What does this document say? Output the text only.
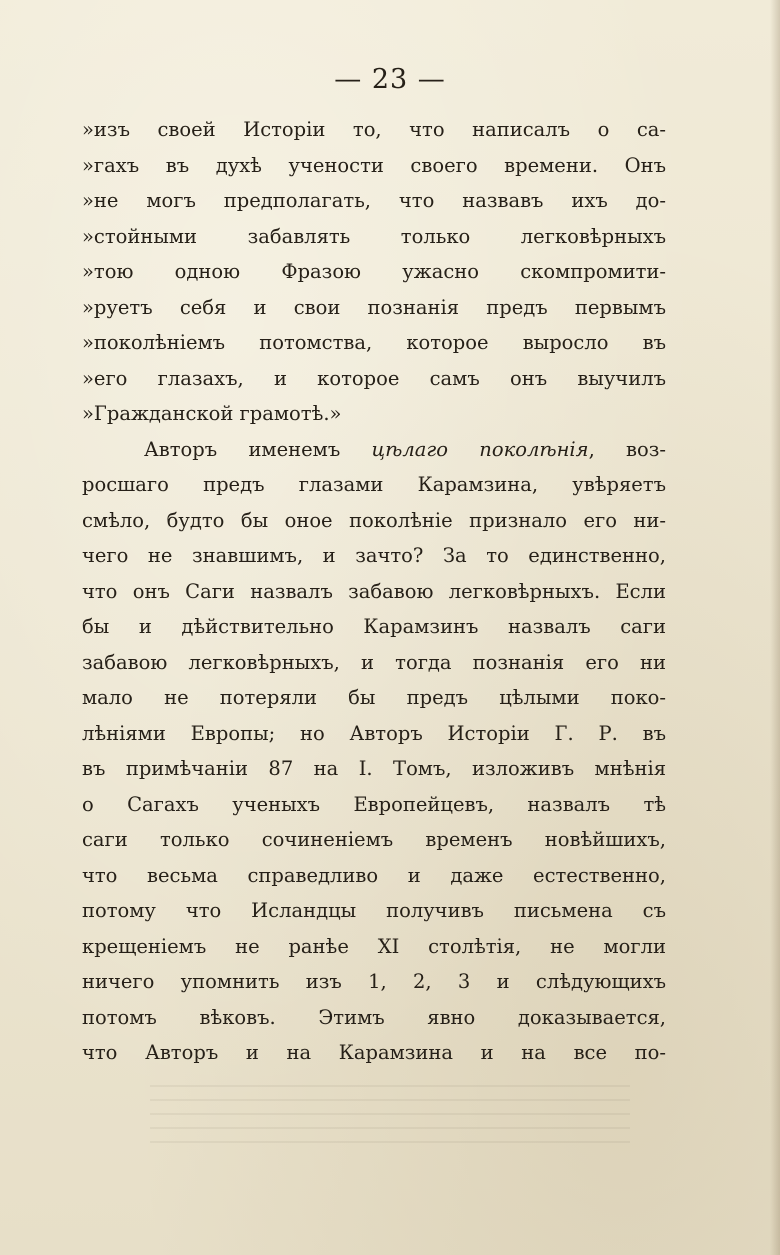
— 23 —
»изъ своей Исторіи то, что написалъ о са-
»гахъ въ духѣ учености своего времени. Онъ
»не могъ предполагать, что назвавъ ихъ до-
»стойными забавлять только легковѣрныхъ
»тою одною Фразою ужасно скомпромити-
»руетъ себя и свои познанія предъ первымъ
»поколѣніемъ потомства, которое выросло въ
»его глазахъ, и которое самъ онъ выучилъ
»Гражданской грамотѣ.»
Авторъ именемъ цѣлаго поколѣнія, воз-
росшаго предъ глазами Карамзина, увѣряетъ
смѣло, будто бы оное поколѣніе признало его ни-
чего не знавшимъ, и зачто? За то единственно,
что онъ Саги назвалъ забавою легковѣрныхъ. Если
бы и дѣйствительно Карамзинъ назвалъ саги
забавою легковѣрныхъ, и тогда познанія его ни
мало не потеряли бы предъ цѣлыми поко-
лѣніями Европы; но Авторъ Исторіи Г. Р. въ
въ примѣчаніи 87 на I. Томъ, изложивъ мнѣнія
о Сагахъ ученыхъ Европейцевъ, назвалъ тѣ
саги только сочиненіемъ временъ новѣйшихъ,
что весьма справедливо и даже естественно,
потому что Исландцы получивъ письмена съ
крещеніемъ не ранѣе XI столѣтія, не могли
ничего упомнить изъ 1, 2, 3 и слѣдующихъ
потомъ вѣковъ. Этимъ явно доказывается,
что Авторъ и на Карамзина и на все по-
